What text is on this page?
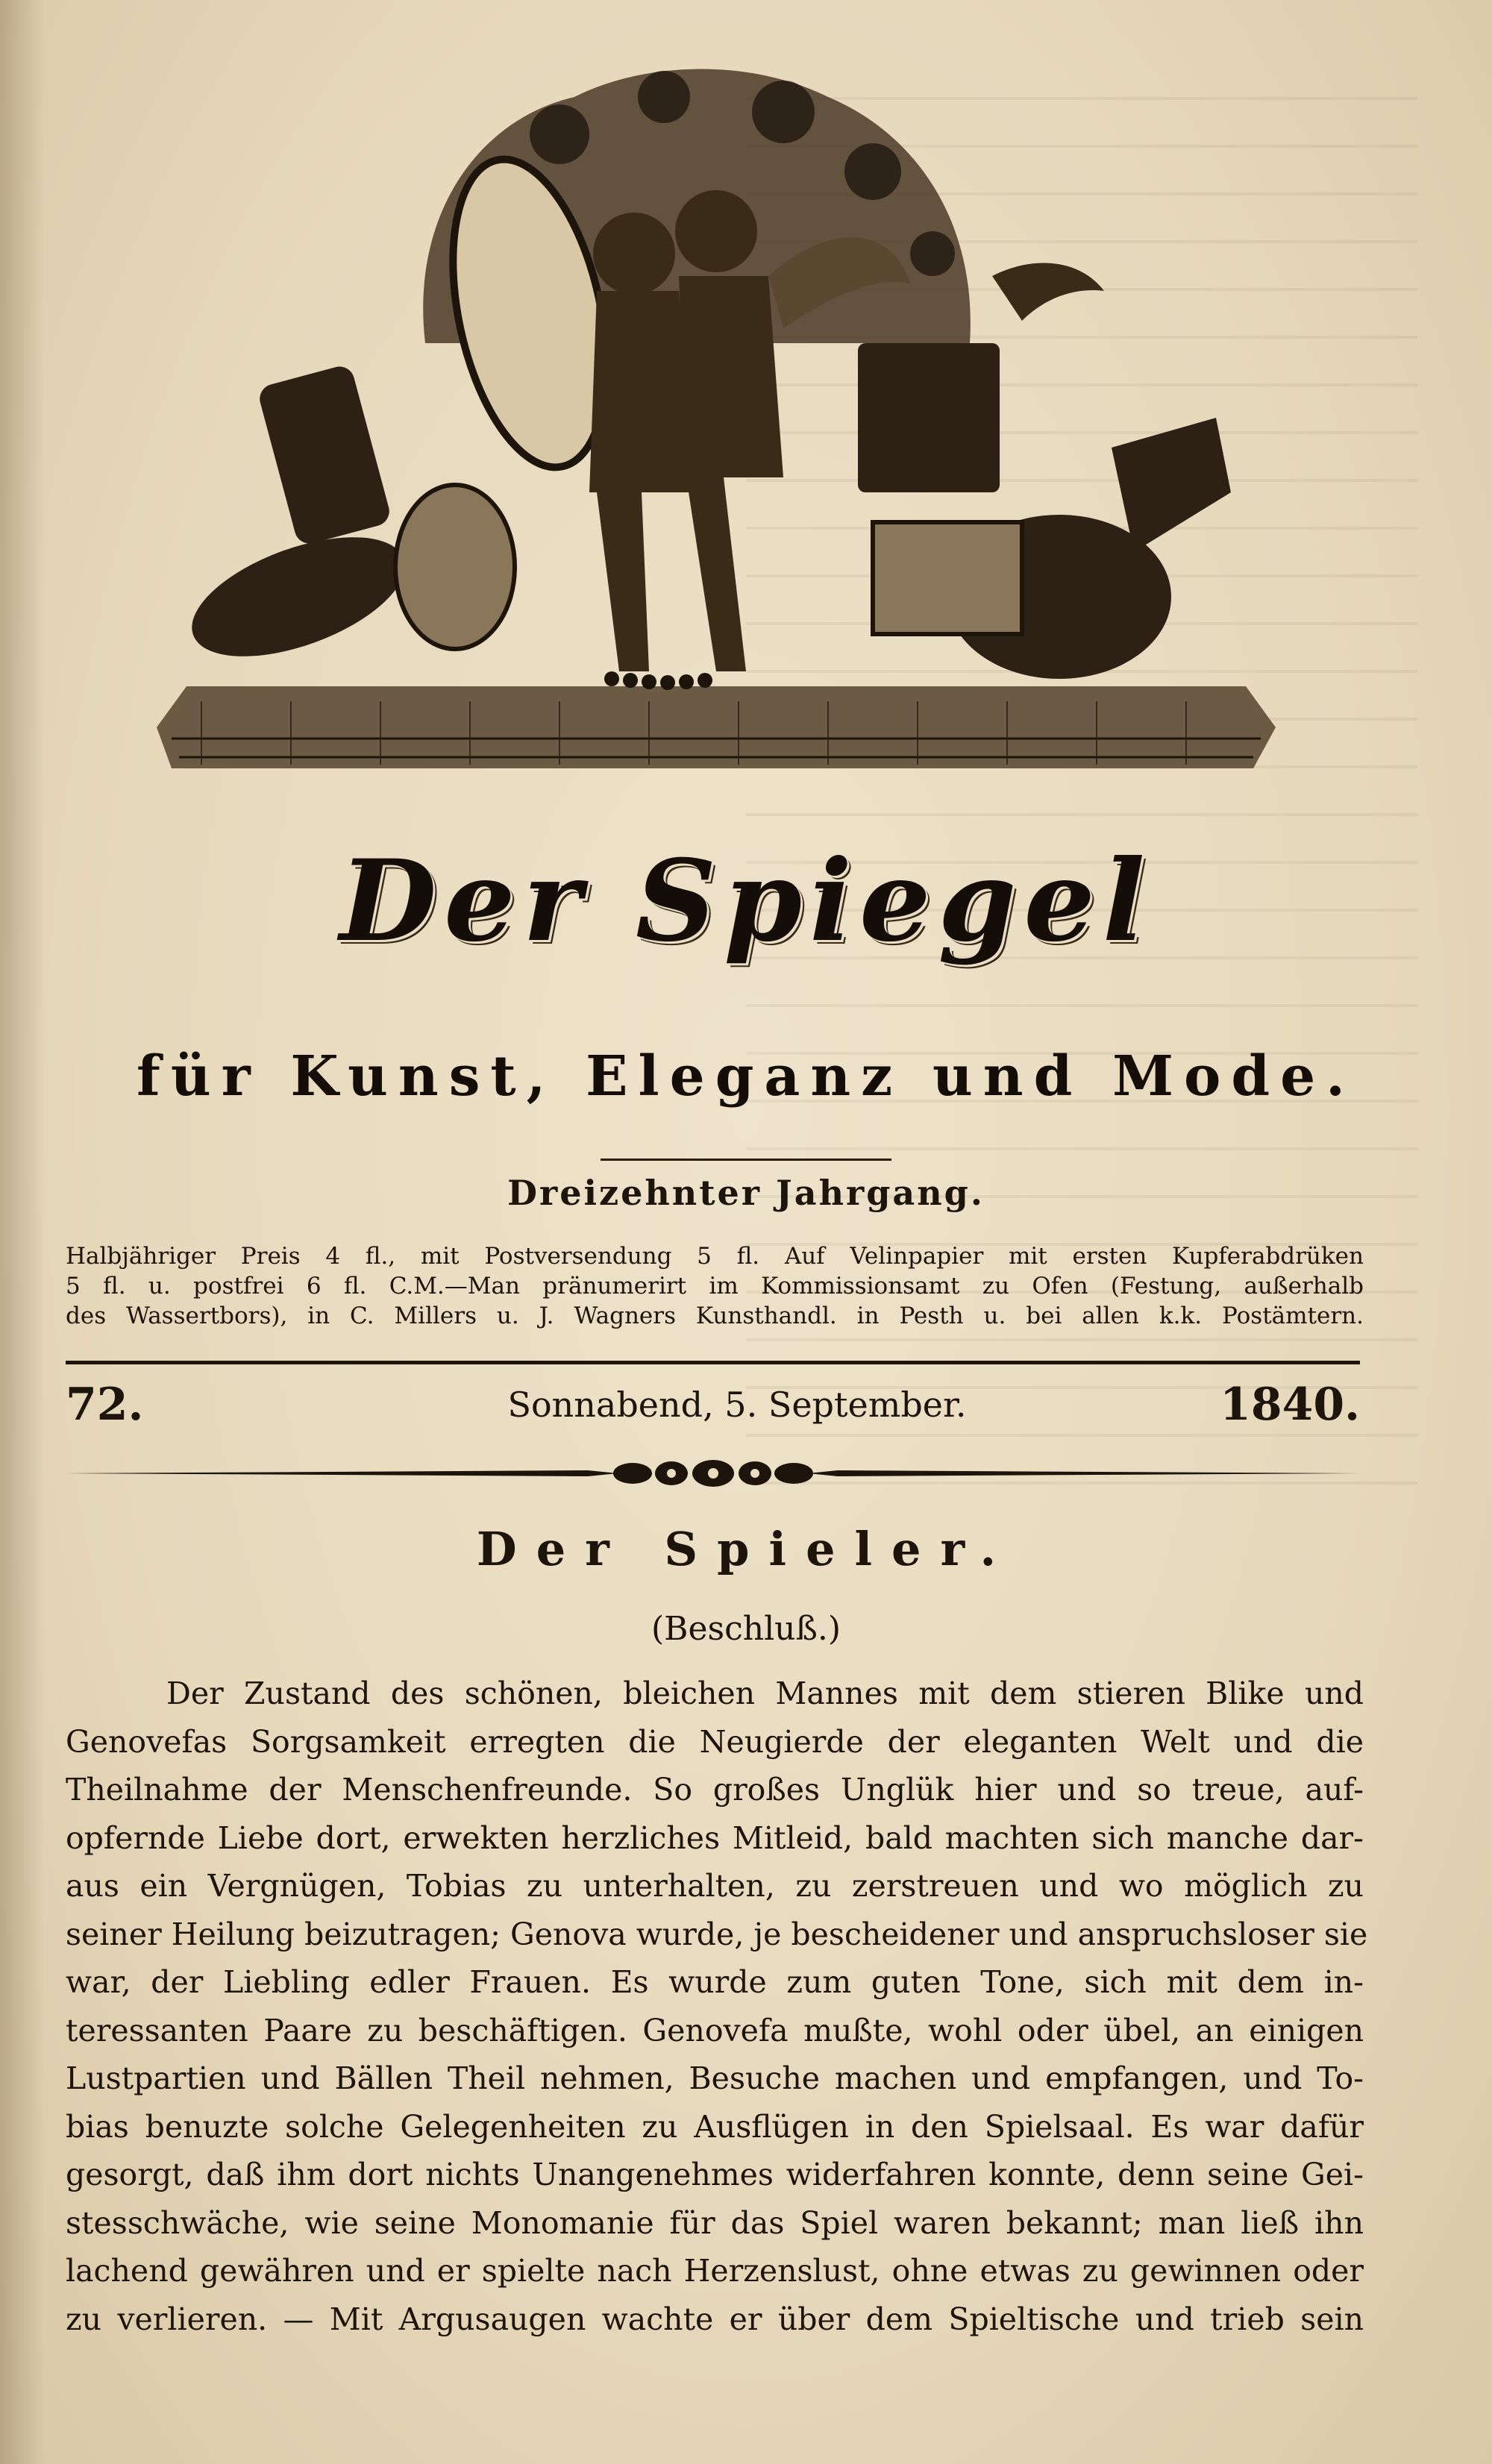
Der Spiegel
für Kunst, Eleganz und Mode.
Dreizehnter Jahrgang.
Halbjähriger Preis 4 fl., mit Postversendung 5 fl. Auf Velinpapier mit ersten Kupferabdrüken
5 fl. u. postfrei 6 fl. C.M.—Man pränumerirt im Kommissionsamt zu Ofen (Festung, außerhalb
des Wassertbors), in C. Millers u. J. Wagners Kunsthandl. in Pesth u. bei allen k.k. Postämtern.
72.	Sonnabend, 5. September.	1840.
Der Spieler.
(Beschluß.)
Der Zustand des schönen, bleichen Mannes mit dem stieren Blike und
Genovefas Sorgsamkeit erregten die Neugierde der eleganten Welt und die
Theilnahme der Menschenfreunde. So großes Unglük hier und so treue, auf-
opfernde Liebe dort, erwekten herzliches Mitleid, bald machten sich manche dar-
aus ein Vergnügen, Tobias zu unterhalten, zu zerstreuen und wo möglich zu
seiner Heilung beizutragen; Genova wurde, je bescheidener und anspruchsloser sie
war, der Liebling edler Frauen. Es wurde zum guten Tone, sich mit dem in-
teressanten Paare zu beschäftigen. Genovefa mußte, wohl oder übel, an einigen
Lustpartien und Bällen Theil nehmen, Besuche machen und empfangen, und To-
bias benuzte solche Gelegenheiten zu Ausflügen in den Spielsaal. Es war dafür
gesorgt, daß ihm dort nichts Unangenehmes widerfahren konnte, denn seine Gei-
stesschwäche, wie seine Monomanie für das Spiel waren bekannt; man ließ ihn
lachend gewähren und er spielte nach Herzenslust, ohne etwas zu gewinnen oder
zu verlieren. — Mit Argusaugen wachte er über dem Spieltische und trieb sein
